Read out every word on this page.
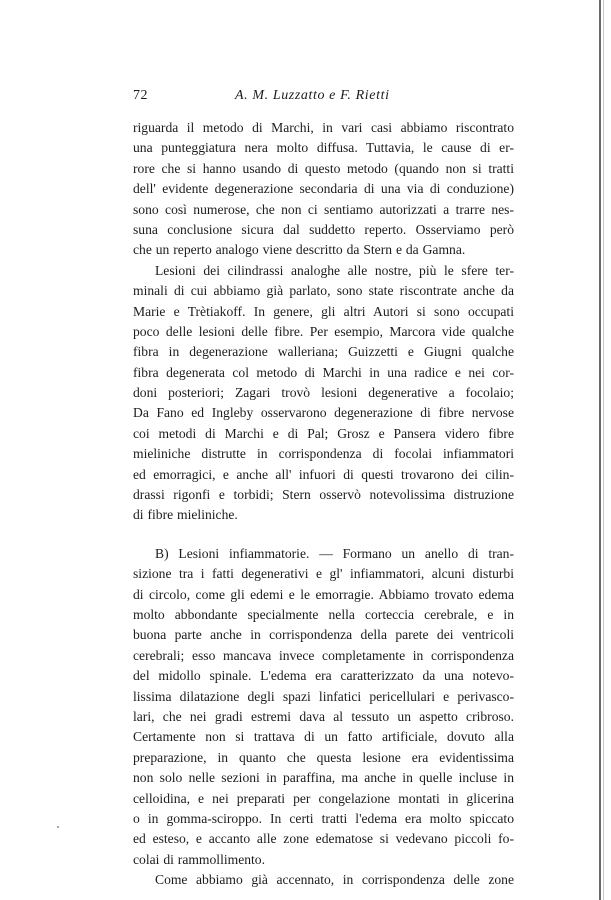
72	A. M. Luzzatto e F. Rietti
riguarda il metodo di Marchi, in vari casi abbiamo riscontrato
una punteggiatura nera molto diffusa. Tuttavia, le cause di er-
rore che si hanno usando di questo metodo (quando non si tratti
dell' evidente degenerazione secondaria di una via di conduzione)
sono così numerose, che non ci sentiamo autorizzati a trarre nes-
suna conclusione sicura dal suddetto reperto. Osserviamo però
che un reperto analogo viene descritto da Stern e da Gamna.
Lesioni dei cilindrassi analoghe alle nostre, più le sfere ter-
minali di cui abbiamo già parlato, sono state riscontrate anche da
Marie e Trètiakoff. In genere, gli altri Autori si sono occupati
poco delle lesioni delle fibre. Per esempio, Marcora vide qualche
fibra in degenerazione walleriana; Guizzetti e Giugni qualche
fibra degenerata col metodo di Marchi in una radice e nei cor-
doni posteriori; Zagari trovò lesioni degenerative a focolaio;
Da Fano ed Ingleby osservarono degenerazione di fibre nervose
coi metodi di Marchi e di Pal; Grosz e Pansera videro fibre
mieliniche distrutte in corrispondenza di focolai infiammatori
ed emorragici, e anche all' infuori di questi trovarono dei cilin-
drassi rigonfi e torbidi; Stern osservò notevolissima distruzione
di fibre mieliniche.
B) Lesioni infiammatorie. — Formano un anello di tran-
sizione tra i fatti degenerativi e gl' infiammatori, alcuni disturbi
di circolo, come gli edemi e le emorragie. Abbiamo trovato edema
molto abbondante specialmente nella corteccia cerebrale, e in
buona parte anche in corrispondenza della parete dei ventricoli
cerebrali; esso mancava invece completamente in corrispondenza
del midollo spinale. L'edema era caratterizzato da una notevo-
lissima dilatazione degli spazi linfatici pericellulari e perivasco-
lari, che nei gradi estremi dava al tessuto un aspetto cribroso.
Certamente non si trattava di un fatto artificiale, dovuto alla
preparazione, in quanto che questa lesione era evidentissima
non solo nelle sezioni in paraffina, ma anche in quelle incluse in
celloidina, e nei preparati per congelazione montati in glicerina
o in gomma-sciroppo. In certi tratti l'edema era molto spiccato
ed esteso, e accanto alle zone edematose si vedevano piccoli fo-
colai di rammollimento.
Come abbiamo già accennato, in corrispondenza delle zone
